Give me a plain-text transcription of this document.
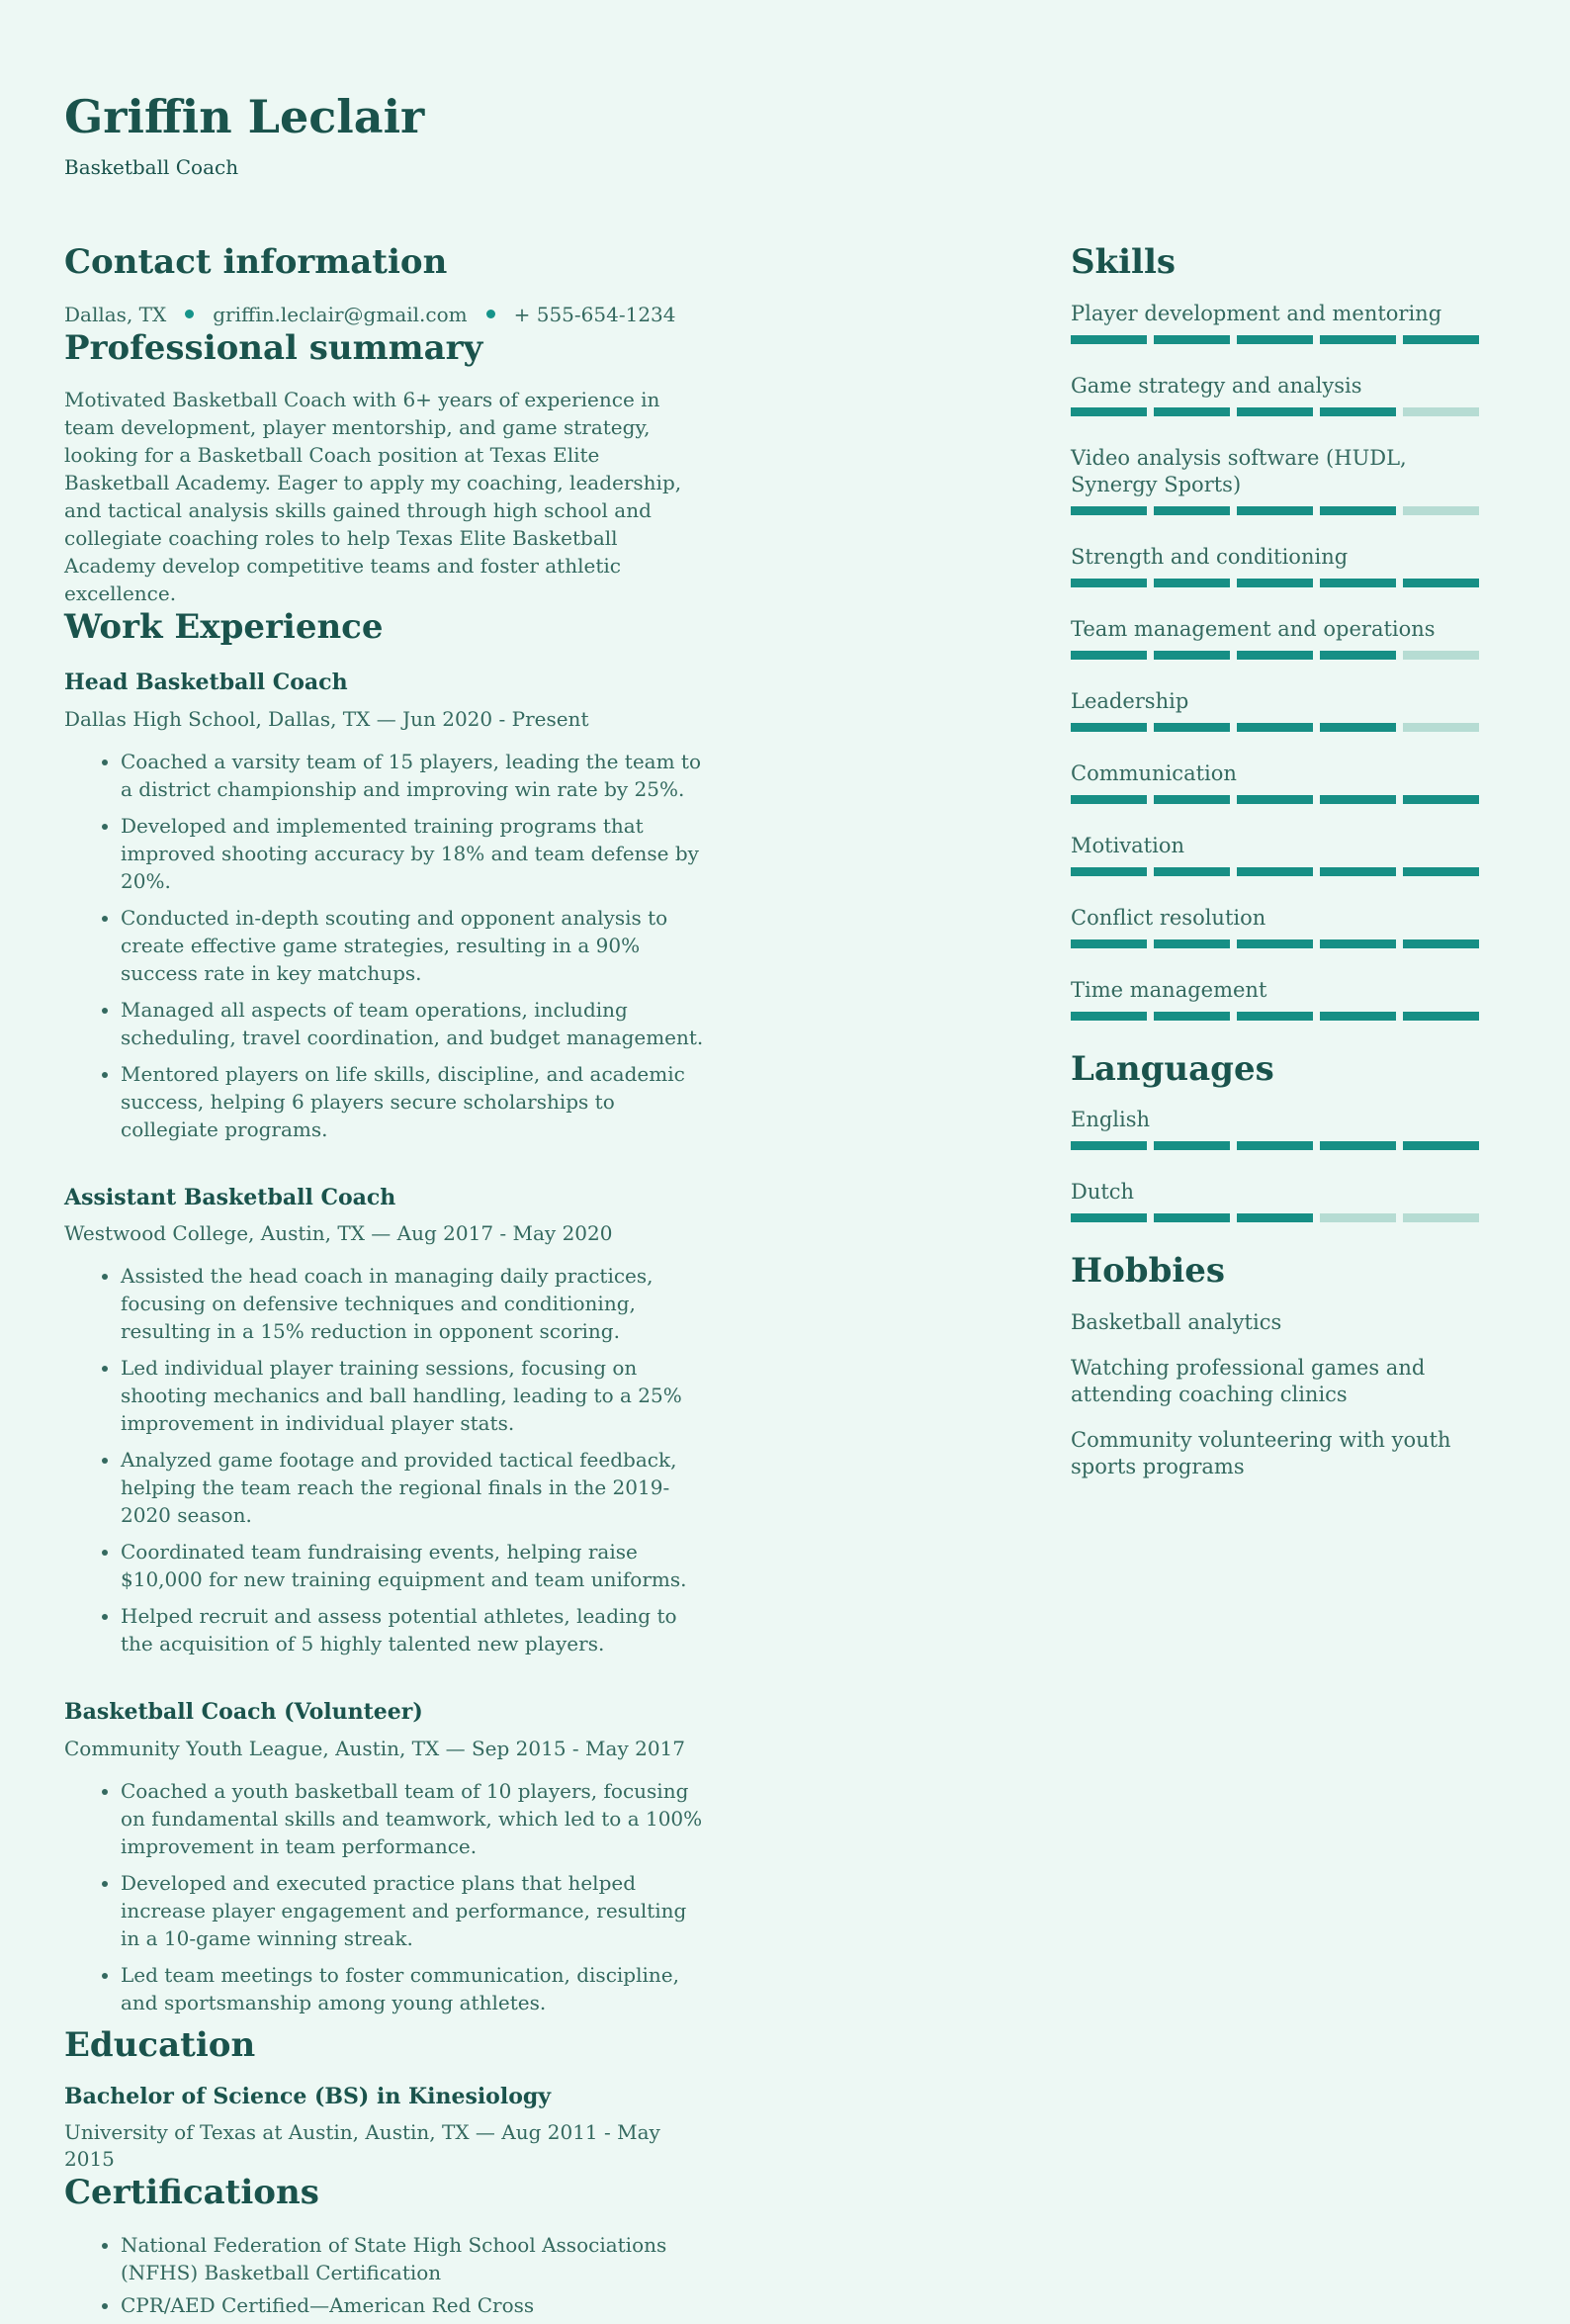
Griffin Leclair
Basketball Coach
Contact information
Dallas, TX griffin.leclair@gmail.com + 555-654-1234
Professional summary

Motivated Basketball Coach with 6+ years of experience in team development, player mentorship, and game strategy, looking for a Basketball Coach position at Texas Elite Basketball Academy. Eager to apply my coaching, leadership, and tactical analysis skills gained through high school and collegiate coaching roles to help Texas Elite Basketball Academy develop competitive teams and foster athletic excellence.

Work Experience
Head Basketball Coach
Dallas High School, Dallas, TX — Jun 2020 - Present
• Coached a varsity team of 15 players, leading the team to a district championship and improving win rate by 25%.
• Developed and implemented training programs that improved shooting accuracy by 18% and team defense by 20%.
• Conducted in-depth scouting and opponent analysis to create effective game strategies, resulting in a 90% success rate in key matchups.
• Managed all aspects of team operations, including scheduling, travel coordination, and budget management.
• Mentored players on life skills, discipline, and academic success, helping 6 players secure scholarships to collegiate programs.
Assistant Basketball Coach
Westwood College, Austin, TX — Aug 2017 - May 2020
• Assisted the head coach in managing daily practices, focusing on defensive techniques and conditioning, resulting in a 15% reduction in opponent scoring.
• Led individual player training sessions, focusing on shooting mechanics and ball handling, leading to a 25% improvement in individual player stats.
• Analyzed game footage and provided tactical feedback, helping the team reach the regional finals in the 2019-2020 season.
• Coordinated team fundraising events, helping raise $10,000 for new training equipment and team uniforms.
• Helped recruit and assess potential athletes, leading to the acquisition of 5 highly talented new players.
Basketball Coach (Volunteer)
Community Youth League, Austin, TX — Sep 2015 - May 2017
• Coached a youth basketball team of 10 players, focusing on fundamental skills and teamwork, which led to a 100% improvement in team performance.
• Developed and executed practice plans that helped increase player engagement and performance, resulting in a 10-game winning streak.
• Led team meetings to foster communication, discipline, and sportsmanship among young athletes.
Education
Bachelor of Science (BS) in Kinesiology
University of Texas at Austin, Austin, TX — Aug 2011 - May 2015
Certifications
• National Federation of State High School Associations (NFHS) Basketball Certification
• CPR/AED Certified—American Red Cross
Skills
Player development and mentoring
Game strategy and analysis
Video analysis software (HUDL, Synergy Sports)
Strength and conditioning
Team management and operations
Leadership
Communication
Motivation
Conflict resolution
Time management
Languages
English
Dutch
Hobbies
Basketball analytics
Watching professional games and attending coaching clinics
Community volunteering with youth sports programs
